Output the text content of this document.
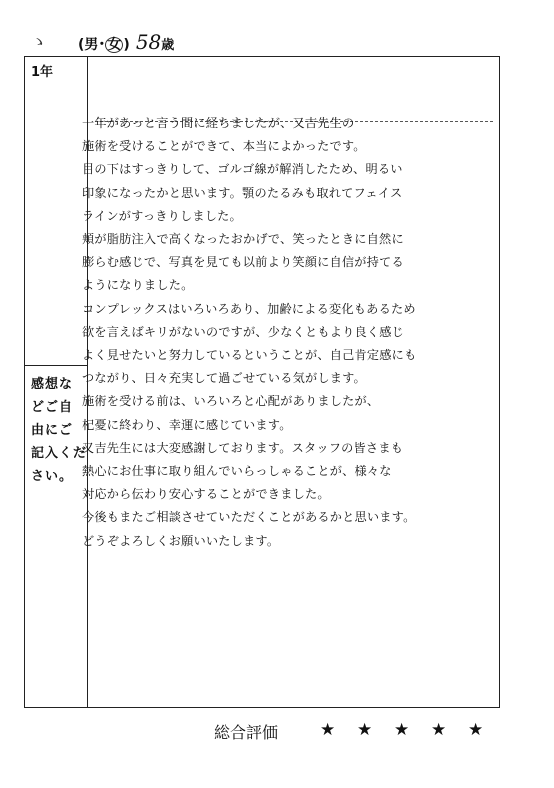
ゝ (男･ 女 ) 58歳
1年
感想な
どご自
由にご
記入くだ
さい。

一年があっと言う間に経ちましたが、又吉先生の

施術を受けることができて、本当によかったです。

目の下はすっきりして、ゴルゴ線が解消したため、明るい

印象になったかと思います。顎のたるみも取れてフェイス

ラインがすっきりしました。

頬が脂肪注入で高くなったおかげで、笑ったときに自然に

膨らむ感じで、写真を見ても以前より笑顔に自信が持てる

ようになりました。

コンプレックスはいろいろあり、加齢による変化もあるため

欲を言えばキリがないのですが、少なくともより良く感じ

よく見せたいと努力しているということが、自己肯定感にも

つながり、日々充実して過ごせている気がします。

施術を受ける前は、いろいろと心配がありましたが、

杞憂に終わり、幸運に感じています。

又吉先生には大変感謝しております。スタッフの皆さまも

熱心にお仕事に取り組んでいらっしゃることが、様々な

対応から伝わり安心することができました。

今後もまたご相談させていただくことがあるかと思います。

どうぞよろしくお願いいたします。

総合評価 ★ ★ ★ ★ ★
